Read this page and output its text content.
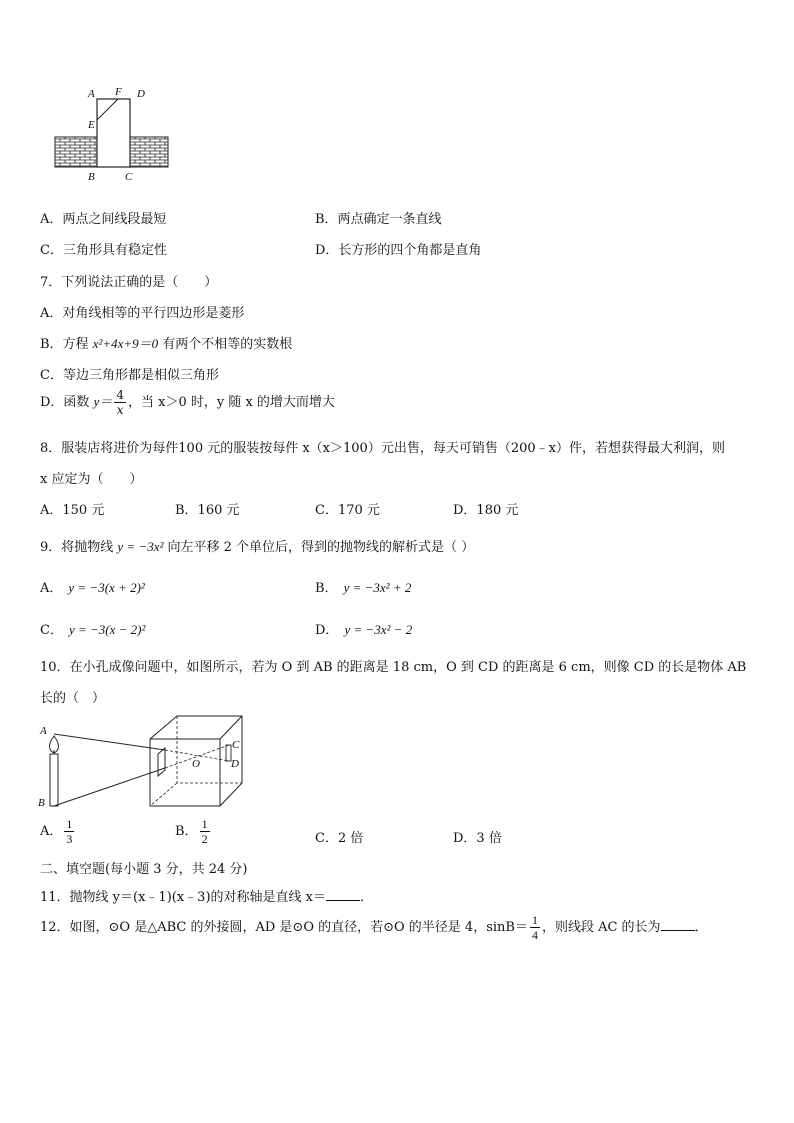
A F D
E
B	C
A．两点之间线段最短	B．两点确定一条直线
C．三角形具有稳定性	D．长方形的四个角都是直角
7．下列说法正确的是（　　）
A．对角线相等的平行四边形是菱形
B．方程 x²+4x+9＝0 有两个不相等的实数根
C．等边三角形都是相似三角形
D．函数 $y= \frac{4}{x}$ ，当 x＞0 时，y 随 x 的增大而增大
8．服装店将进价为每件100 元的服装按每件 x（x＞100）元出售，每天可销售（200﹣x）件，若想获得最大利润，则
x 应定为（　　）
A．150 元	B．160 元	C．170 元	D．180 元
9．将抛物线 y = −3x² 向左平移 2 个单位后，得到的抛物线的解析式是（ ）
A． y = −3(x + 2)²	B． y = −3x² + 2
C． y = −3(x − 2)²	D． y = −3x² − 2
10．在小孔成像问题中，如图所示，若为 O 到 AB 的距离是 18 cm，O 到 CD 的距离是 6 cm，则像 CD 的长是物体 AB
长的（　）
A
B
C
D
O
A． $\frac{1}{3}$	B． $\frac{1}{2}$	C．2 倍	D．3 倍
二、填空题(每小题 3 分，共 24 分)
11．抛物线 y＝(x﹣1)(x﹣3)的对称轴是直线 x＝	．
12．如图，⊙O 是△ABC 的外接圆，AD 是⊙O 的直径，若⊙O 的半径是 4，$\sin B= \frac{1}{4}$ ，则线段 AC 的长为	．
